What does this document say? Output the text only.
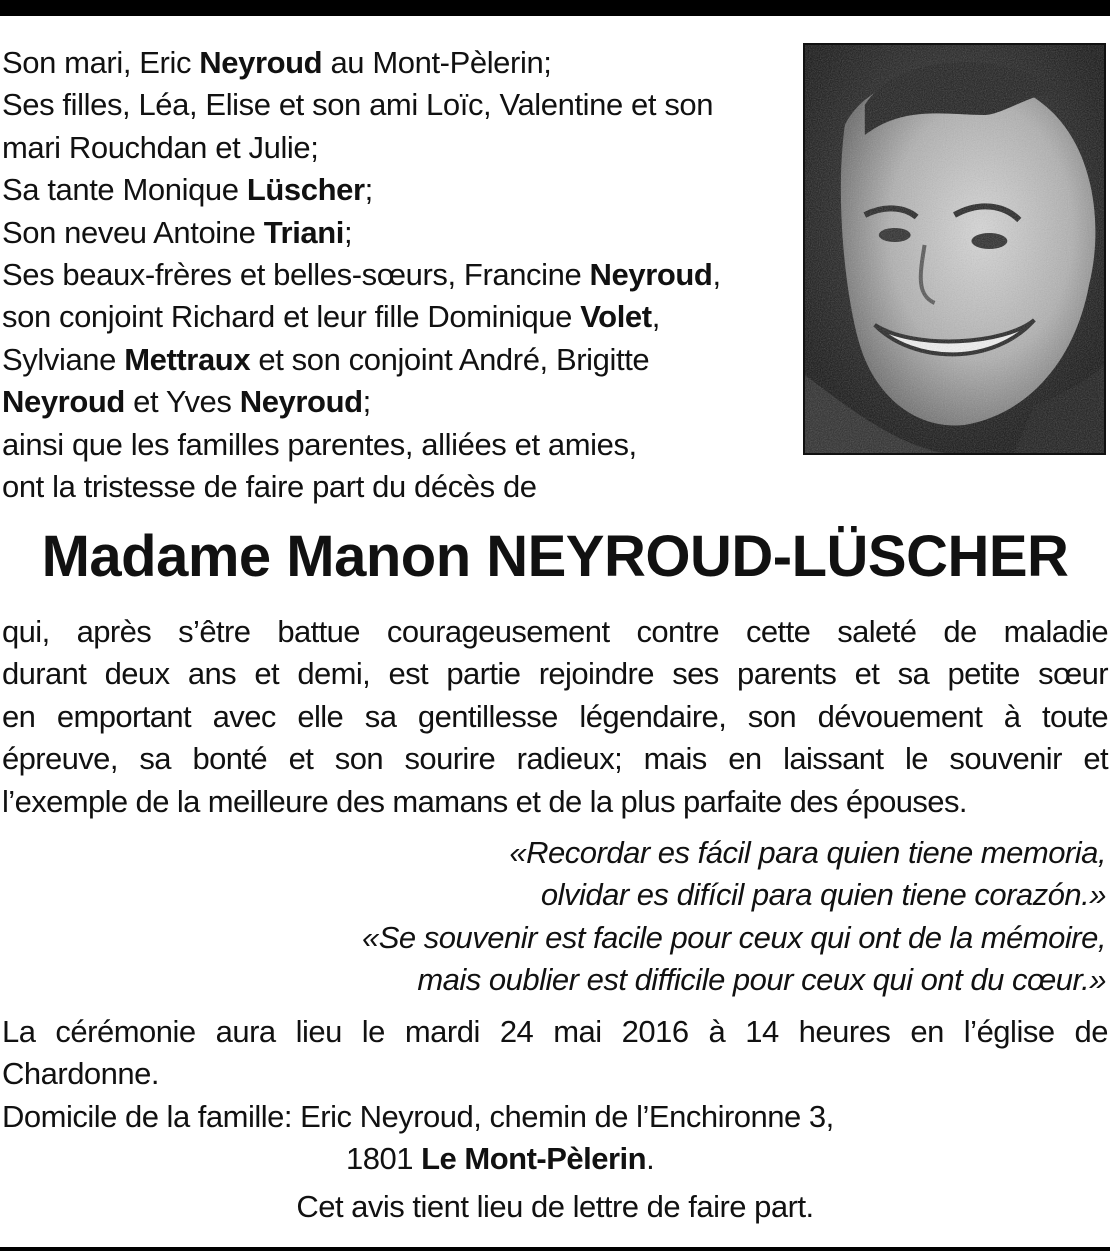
Son mari, Eric Neyroud au Mont-Pèlerin;
Ses filles, Léa, Elise et son ami Loïc, Valentine et son
mari Rouchdan et Julie;
Sa tante Monique Lüscher;
Son neveu Antoine Triani;
Ses beaux-frères et belles-sœurs, Francine Neyroud,
son conjoint Richard et leur fille Dominique Volet,
Sylviane Mettraux et son conjoint André, Brigitte
Neyroud et Yves Neyroud;
ainsi que les familles parentes, alliées et amies,
ont la tristesse de faire part du décès de
Madame Manon NEYROUD-LÜSCHER
qui, après s’être battue courageusement contre cette saleté de maladie
durant deux ans et demi, est partie rejoindre ses parents et sa petite sœur
en emportant avec elle sa gentillesse légendaire, son dévouement à toute
épreuve, sa bonté et son sourire radieux; mais en laissant le souvenir et
l’exemple de la meilleure des mamans et de la plus parfaite des épouses.
«Recordar es fácil para quien tiene memoria,
olvidar es difícil para quien tiene corazón.»
«Se souvenir est facile pour ceux qui ont de la mémoire,
mais oublier est difficile pour ceux qui ont du cœur.»
La cérémonie aura lieu le mardi 24 mai 2016 à 14 heures en l’église de
Chardonne.
Domicile de la famille: Eric Neyroud, chemin de l’Enchironne 3,
1801 Le Mont-Pèlerin.
Cet avis tient lieu de lettre de faire part.
